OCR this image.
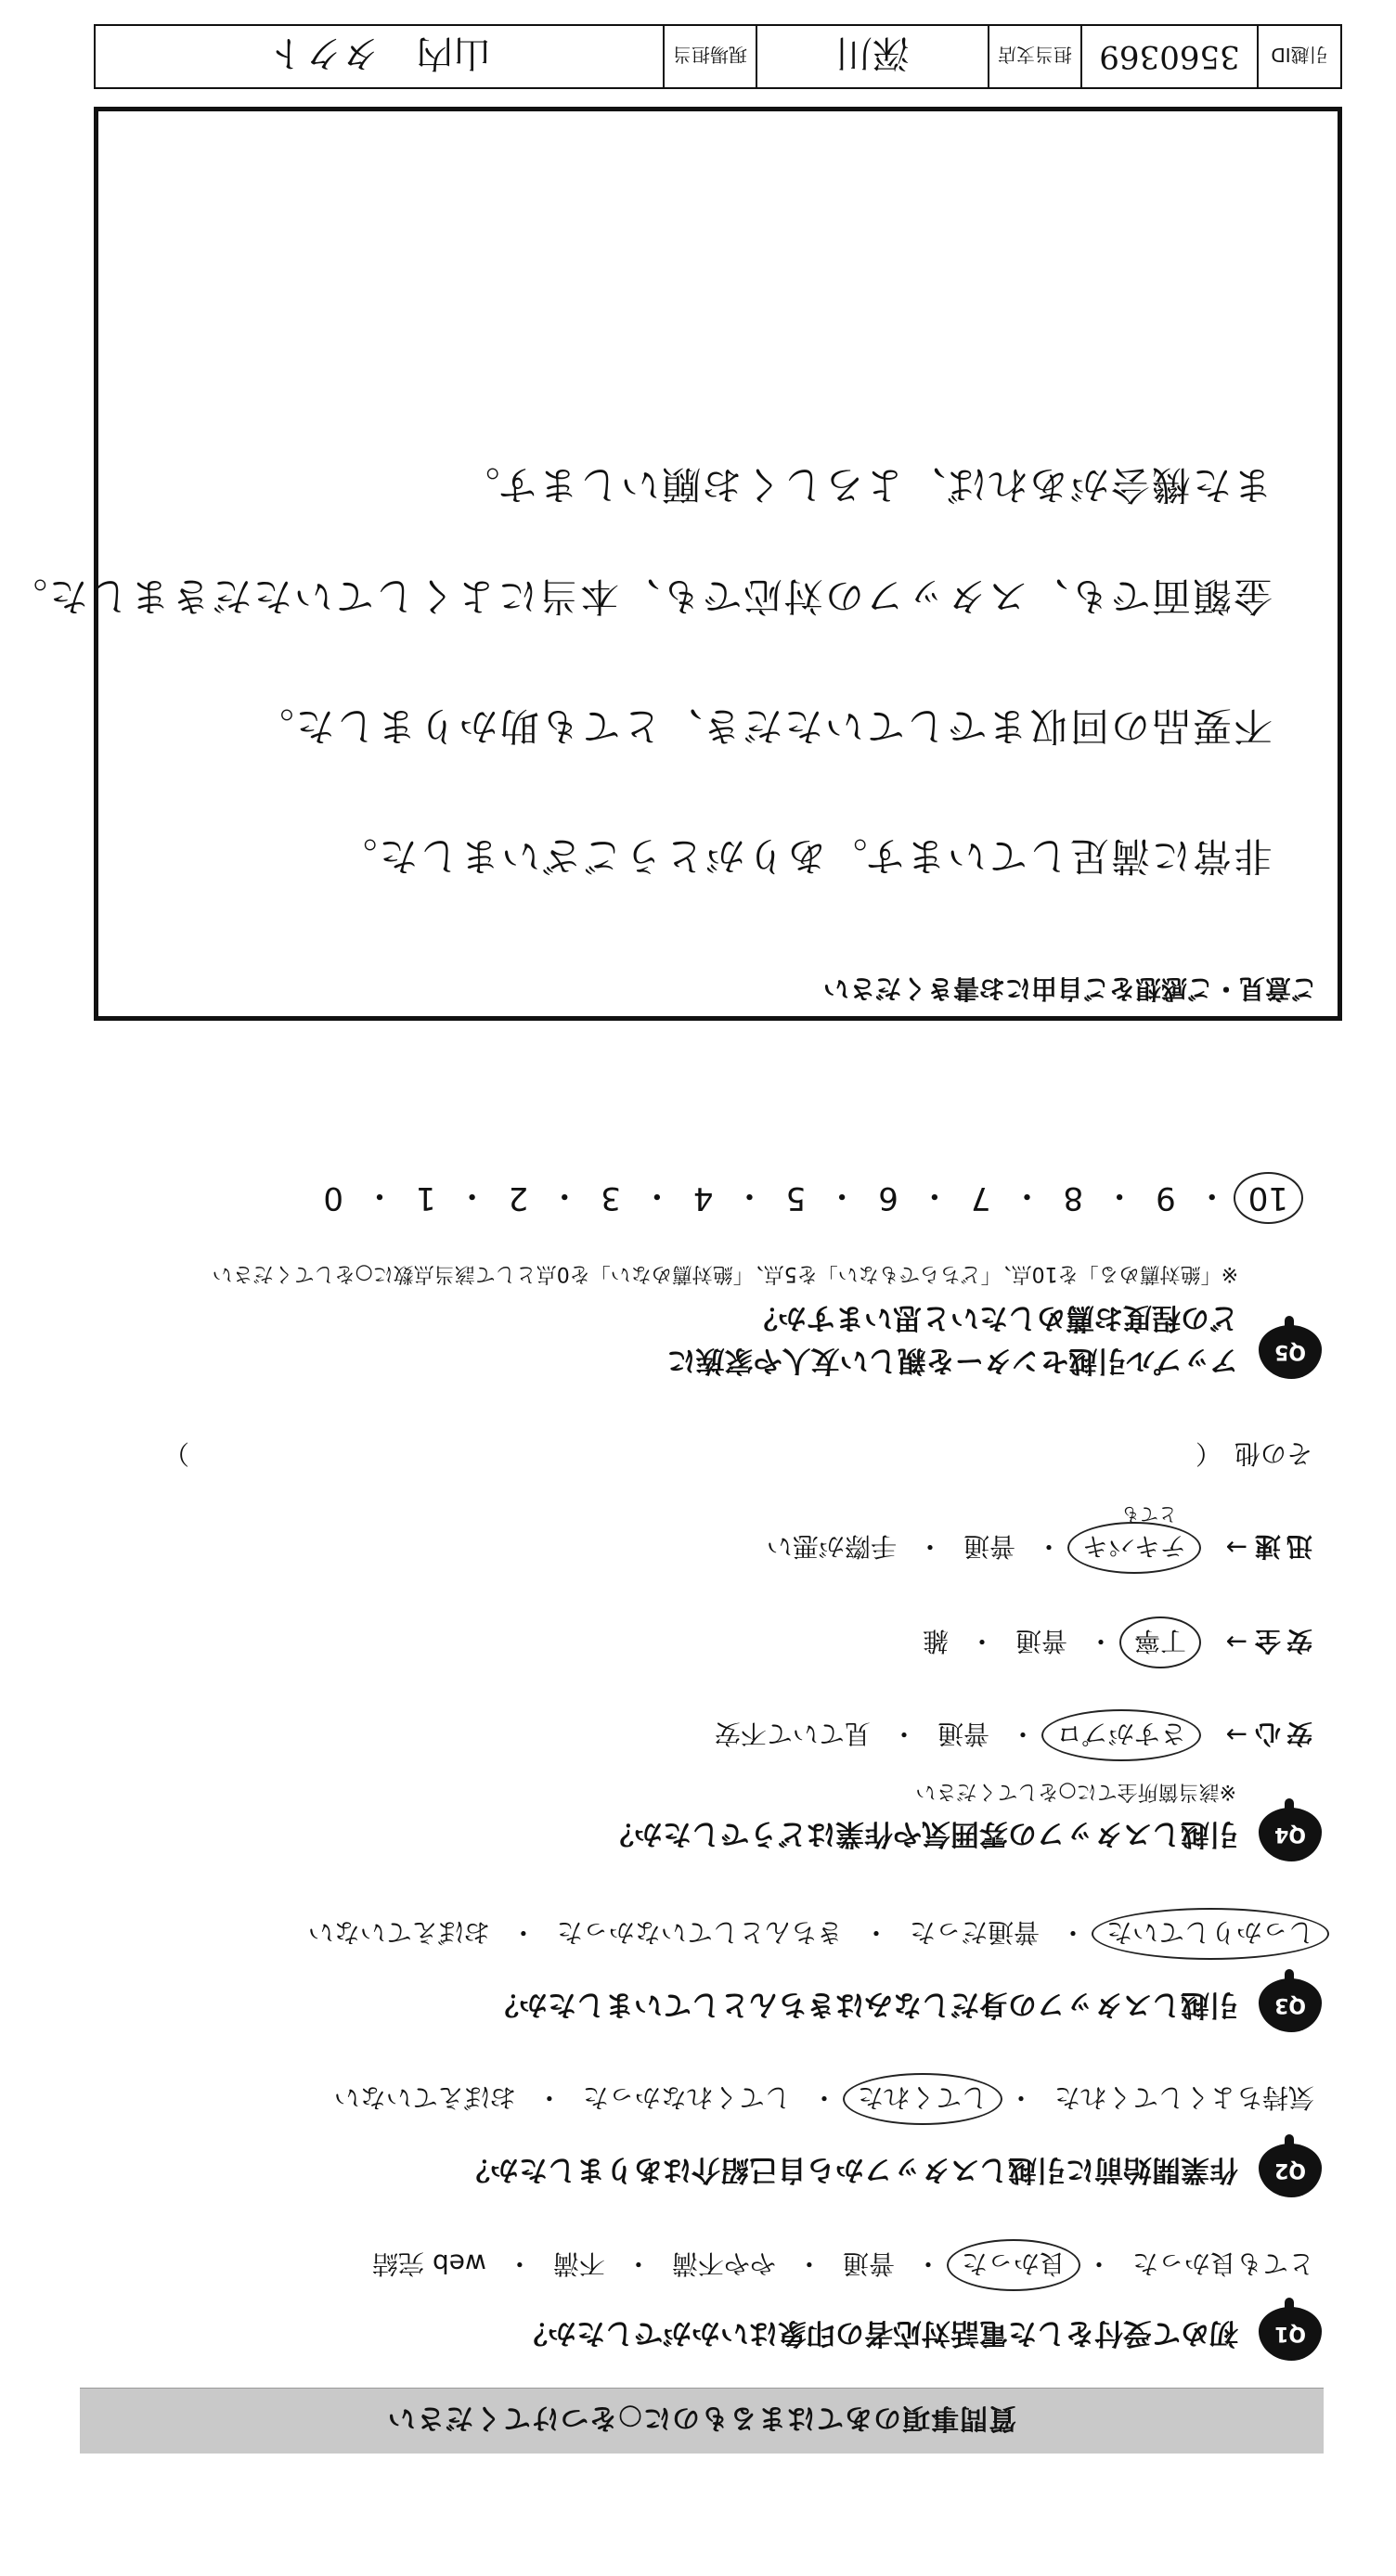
質問事項のあてはまるものに○をつけてください
Q1
初めて受付をした電話対応者の印象はいかがでしたか？
とても良かった
・
良かった
・
普通
・
やや不満
・
不満
・
web 完結
Q2
作業開始前に引越しスタッフから自己紹介はありましたか？
気持ちよくしてくれた
・
してくれた
・
してくれなかった
・
おぼえていない
Q3
引越しスタッフの身だしなみはきちんとしていましたか？
しっかりしていた
・
普通だった
・
きちんとしていなかった
・
おぼえていない
Q4
引越しスタッフの雰囲気や作業はどうでしたか？
※該当箇所全てに○をしてください
安心
→
さすがプロ
・
普通
・
見ていて不安
安全
→
丁寧
・
普通
・
雑
迅速
→
テキパキ
・
普通
・
手際が悪い
とても
その他　（
）
Q5
アップル引越センターを親しい友人や家族に
どの程度お薦めしたいと思いますか？
※「絶対薦める」を10点、「どちらでもない」を5点、「絶対薦めない」を0点として該当点数に○をしてください
10
・
9
・
8
・
7
・
6
・
5
・
4
・
3
・
2
・
1
・
0
ご意見・ご感想をご自由にお書きください
非常に満足しています。ありがとうございました。
不要品の回収までしていただき、とても助かりました。
金額面でも、スタッフの対応でも、本当によくしていただきました。
また機会があれば、よろしくお願いします。
引越ID
3560369
担当支店
深川
現場担当
山内　タクト
